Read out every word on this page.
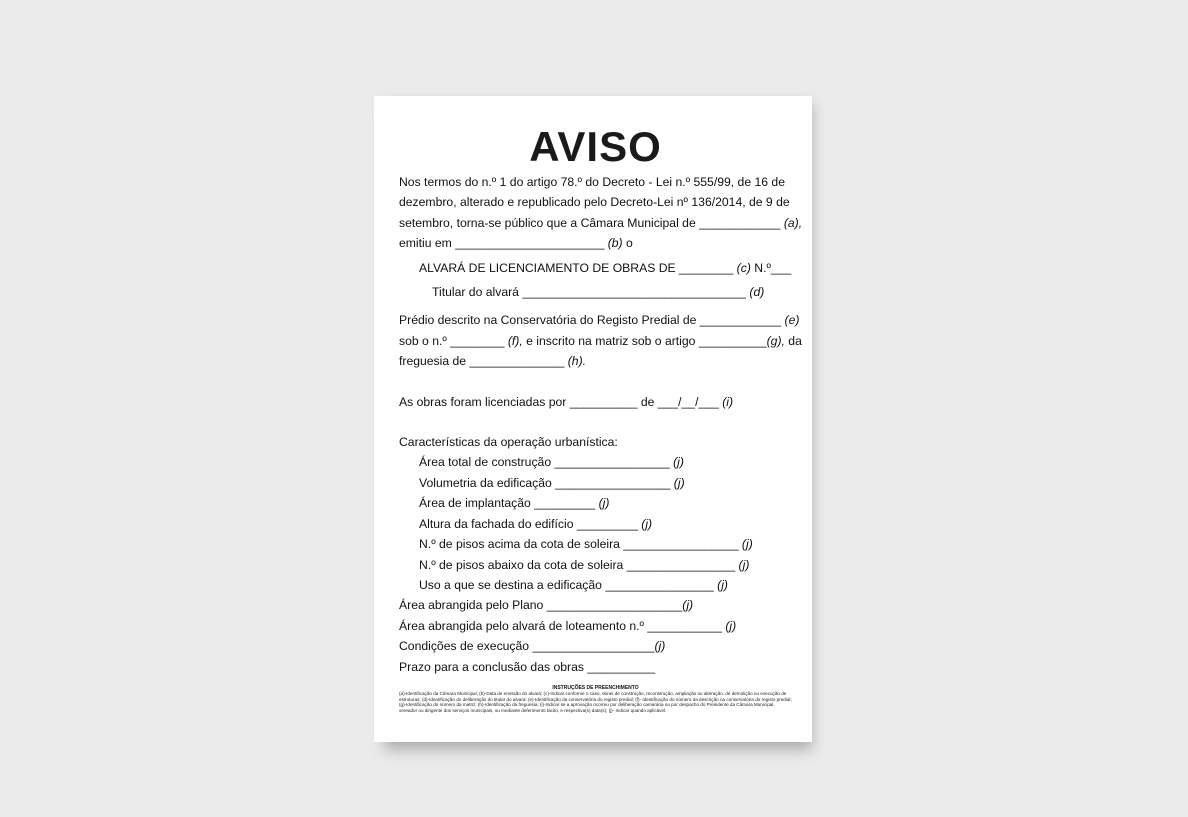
AVISO
Nos termos do n.º 1 do artigo 78.º do Decreto - Lei n.º 555/99, de 16 de
dezembro, alterado e republicado pelo Decreto-Lei nº 136/2014, de 9 de
setembro, torna-se público que a Câmara Municipal de ____________ (a),
emitiu em ______________________ (b) o
ALVARÁ DE LICENCIAMENTO DE OBRAS DE ________ (c) N.º___
Titular do alvará _________________________________ (d)
Prédio descrito na Conservatória do Registo Predial de ____________ (e)
sob o n.º ________ (f), e inscrito na matriz sob o artigo __________(g), da
freguesia de ______________ (h).
As obras foram licenciadas por __________ de ___/__/___ (i)
Características da operação urbanística:
Área total de construção _________________ (j)
Volumetria da edificação _________________ (j)
Área de implantação _________ (j)
Altura da fachada do edifício _________ (j)
N.º de pisos acima da cota de soleira _________________ (j)
N.º de pisos abaixo da cota de soleira ________________ (j)
Uso a que se destina a edificação ________________ (j)
Área abrangida pelo Plano ____________________(j)
Área abrangida pelo alvará de loteamento n.º ___________ (j)
Condições de execução __________________(j)
Prazo para a conclusão das obras __________
INSTRUÇÕES DE PREENCHIMENTO
(a)-Identificação da Câmara Municipal; (b)-Data de emissão do alvará; (c)-Indicar conforme o caso, obras de construção, reconstrução, ampliação ou alteração, de demolição ou execução de estruturas; (d)-Identificação do deliberação do titular do alvará; (e)-Identificação da conservatória do registo predial; (f)- Identificação do número da descrição na conservatória do registo predial; (g)-Identificação do número da matriz; (h)-Identificação da freguesia; (i)-Indicar se a aprovação ocorreu por deliberação camarária ou por despacho do Presidente da Câmara Municipal, vereador ou dirigente dos serviços municipais, ou mediante deferimento tácito, e respectiva(s) data(s); (j)- Indicar quando aplicável.
